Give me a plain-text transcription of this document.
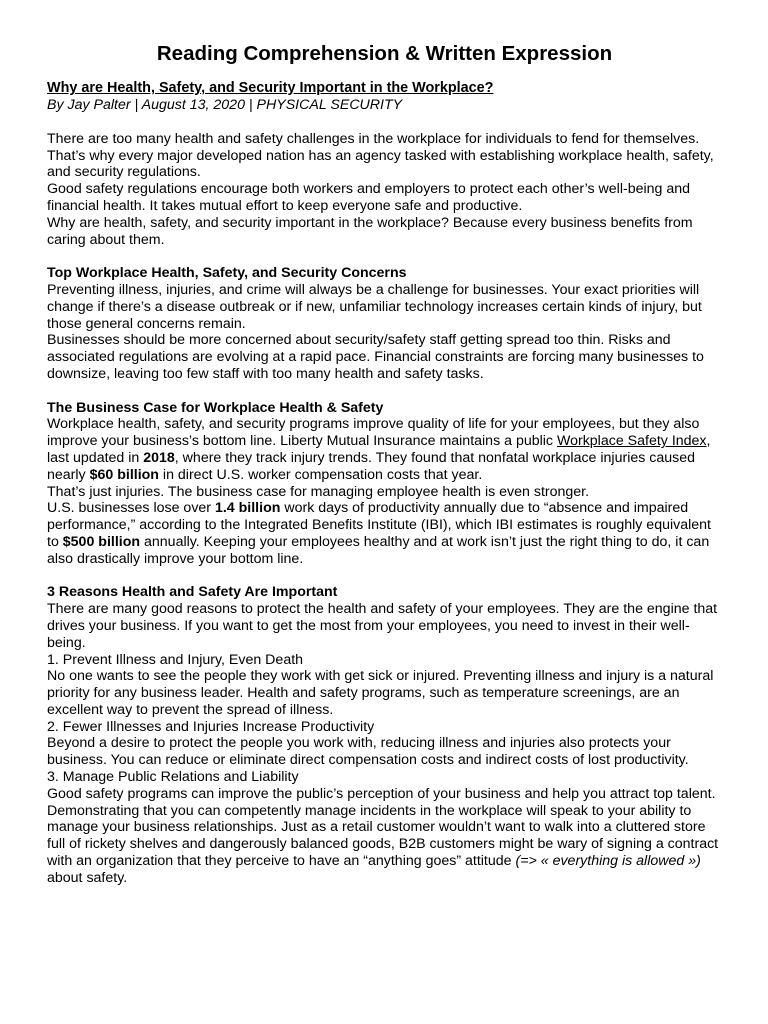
Reading Comprehension & Written Expression
Why are Health, Safety, and Security Important in the Workplace?
By Jay Palter | August 13, 2020 | PHYSICAL SECURITY

There are too many health and safety challenges in the workplace for individuals to fend for themselves. That’s why every major developed nation has an agency tasked with establishing workplace health, safety, and security regulations.

Good safety regulations encourage both workers and employers to protect each other’s well-being and financial health. It takes mutual effort to keep everyone safe and productive.

Why are health, safety, and security important in the workplace? Because every business benefits from caring about them.

Top Workplace Health, Safety, and Security Concerns

Preventing illness, injuries, and crime will always be a challenge for businesses. Your exact priorities will change if there’s a disease outbreak or if new, unfamiliar technology increases certain kinds of injury, but those general concerns remain.

Businesses should be more concerned about security/safety staff getting spread too thin. Risks and associated regulations are evolving at a rapid pace. Financial constraints are forcing many businesses to downsize, leaving too few staff with too many health and safety tasks.

The Business Case for Workplace Health & Safety

Workplace health, safety, and security programs improve quality of life for your employees, but they also improve your business’s bottom line. Liberty Mutual Insurance maintains a public Workplace Safety Index, last updated in 2018, where they track injury trends. They found that nonfatal workplace injuries caused nearly $60 billion in direct U.S. worker compensation costs that year.

That’s just injuries. The business case for managing employee health is even stronger.

U.S. businesses lose over 1.4 billion work days of productivity annually due to “absence and impaired performance,” according to the Integrated Benefits Institute (IBI), which IBI estimates is roughly equivalent to $500 billion annually. Keeping your employees healthy and at work isn’t just the right thing to do, it can also drastically improve your bottom line.

3 Reasons Health and Safety Are Important

There are many good reasons to protect the health and safety of your employees. They are the engine that drives your business. If you want to get the most from your employees, you need to invest in their well-being.

1. Prevent Illness and Injury, Even Death

No one wants to see the people they work with get sick or injured. Preventing illness and injury is a natural priority for any business leader. Health and safety programs, such as temperature screenings, are an excellent way to prevent the spread of illness.

2. Fewer Illnesses and Injuries Increase Productivity

Beyond a desire to protect the people you work with, reducing illness and injuries also protects your business. You can reduce or eliminate direct compensation costs and indirect costs of lost productivity.

3. Manage Public Relations and Liability

Good safety programs can improve the public’s perception of your business and help you attract top talent. Demonstrating that you can competently manage incidents in the workplace will speak to your ability to manage your business relationships. Just as a retail customer wouldn’t want to walk into a cluttered store full of rickety shelves and dangerously balanced goods, B2B customers might be wary of signing a contract with an organization that they perceive to have an “anything goes” attitude (=> « everything is allowed ») about safety.
